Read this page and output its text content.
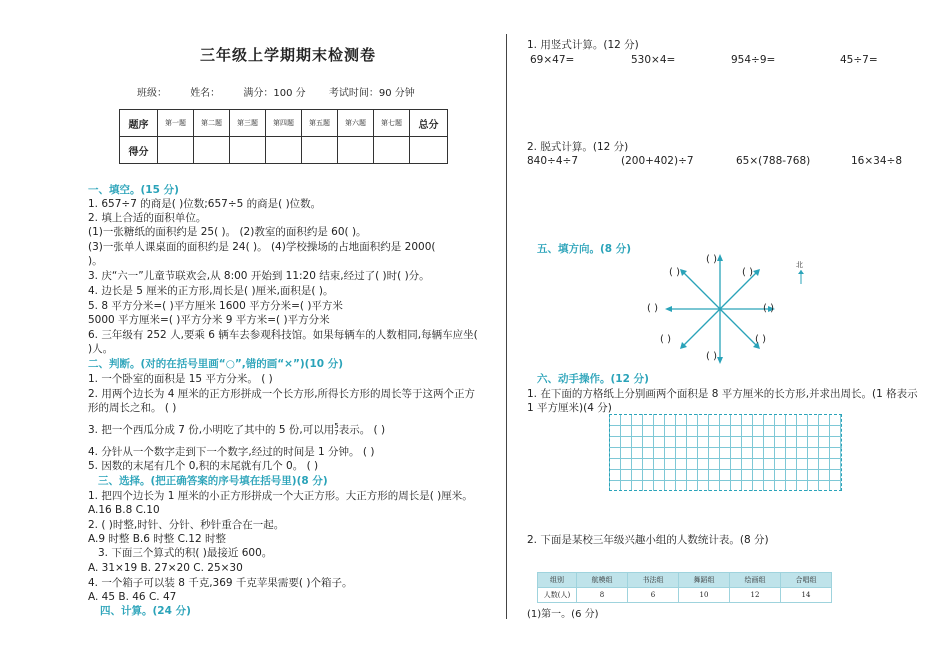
三年级上学期期末检测卷
班级： 姓名： 满分：100 分 考试时间：90 分钟
题序	第一题	第二题	第三题	第四题	第五题	第六题	第七题	总分
得分								
一、填空。(15 分)
1. 657÷7 的商是( )位数;657÷5 的商是( )位数。
2. 填上合适的面积单位。
(1)一张糖纸的面积约是 25( )。 (2)教室的面积约是 60( )。
(3)一张单人课桌面的面积约是 24( )。 (4)学校操场的占地面积约是 2000(
)。
3. 庆“六一”儿童节联欢会,从 8:00 开始到 11:20 结束,经过了( )时( )分。
4. 边长是 5 厘米的正方形,周长是( )厘米,面积是( )。
5. 8 平方分米=( )平方厘米 1600 平方分米=( )平方米
5000 平方厘米=( )平方分米 9 平方米=( )平方分米
6. 三年级有 252 人,要乘 6 辆车去参观科技馆。如果每辆车的人数相同,每辆车应坐(
)人。
二、判断。(对的在括号里画“○”,错的画“×”)(10 分)
1. 一个卧室的面积是 15 平方分米。 ( )
2. 用两个边长为 4 厘米的正方形拼成一个长方形,所得长方形的周长等于这两个正方
形的周长之和。 ( )
3. 把一个西瓜分成 7 份,小明吃了其中的 5 份,可以用5
7表示。 ( )
4. 分针从一个数字走到下一个数字,经过的时间是 1 分钟。 ( )
5. 因数的末尾有几个 0,积的末尾就有几个 0。 ( )
三、选择。(把正确答案的序号填在括号里)(8 分)
1. 把四个边长为 1 厘米的小正方形拼成一个大正方形。大正方形的周长是( )厘米。
A.16 B.8 C.10
2. ( )时整,时针、分针、秒针重合在一起。
A.9 时整 B.6 时整 C.12 时整
3. 下面三个算式的积( )最接近 600。
A. 31×19 B. 27×20 C. 25×30
4. 一个箱子可以装 8 千克,369 千克苹果需要( )个箱子。
A. 45 B. 46 C. 47
四、计算。(24 分)
1. 用竖式计算。(12 分)
69×47=	530×4=	954÷9=	45÷7=
2. 脱式计算。(12 分)
840÷4÷7	(200+402)÷7	65×(788-768)	16×34÷8
五、填方向。(8 分)
( )
( )	( )
( )	( )
( )	( )
( )
北
六、动手操作。(12 分)
1. 在下面的方格纸上分别画两个面积是 8 平方厘米的长方形,并求出周长。(1 格表示
1 平方厘米)(4 分)
2. 下面是某校三年级兴趣小组的人数统计表。(8 分)
组别	航模组	书法组	舞蹈组	绘画组	合唱组
人数(人)	8	6	10	12	14
(1)第一。(6 分)
